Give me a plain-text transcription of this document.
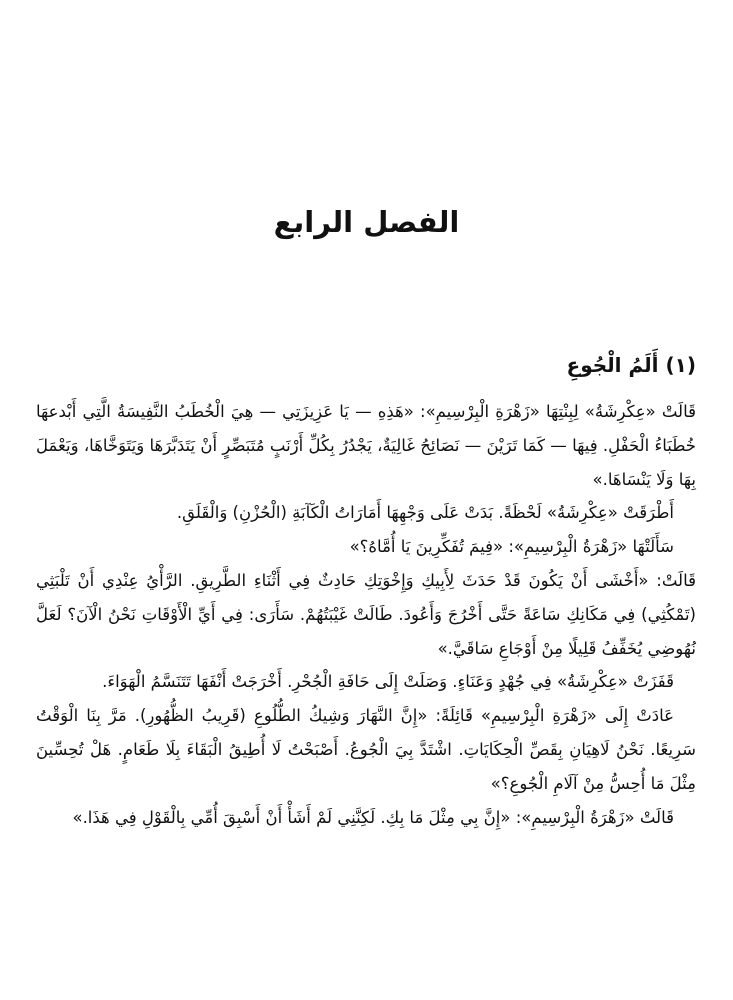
الفصل الرابع
(١) أَلَمُ الْجُوعِ

قَالَتْ «عِكْرِشَةُ» لِبِنْتِهَا «زَهْرَةِ الْبِرْسِيمِ»: «هَذِهِ — يَا عَزِيزَتِي — هِيَ الْخُطَبُ النَّفِيسَةُ الَّتِي أَبْدعهَا خُطَبَاءُ الْحَفْلِ. فِيهَا — كَمَا تَرَيْنَ — نَصَائِحُ غَالِيَةٌ، يَجْدُرُ بِكُلِّ أَرْنَبٍ مُتَبَصِّرٍ أَنْ يَتَدَبَّرَهَا وَيَتَوَخَّاهَا، وَيَعْمَلَ بِهَا وَلَا يَنْسَاهَا.»

أَطْرَقَتْ «عِكْرِشَةُ» لَحْظَةً. بَدَتْ عَلَى وَجْهِهَا أَمَارَاتُ الْكَآبَةِ (الْحُزْنِ) وَالْقَلَقِ.

سَأَلَتْهَا «زَهْرَةُ الْبِرْسِيمِ»: «فِيمَ تُفَكِّرِينَ يَا أُمَّاهُ؟»

قَالَتْ: «أَخْشَى أَنْ يَكُونَ قَدْ حَدَثَ لِأَبِيكِ وَإِخْوَتِكِ حَادِثٌ فِي أَثْنَاءِ الطَّرِيقِ. الرَّأْيُ عِنْدِي أَنْ تَلْبَثِي (تَمْكُثِي) فِي مَكَانِكِ سَاعَةً حَتَّى أَخْرُجَ وَأَعُودَ. طَالَتْ غَيْبَتُهُمْ. سَأَرَى: فِي أَيِّ الْأَوْقَاتِ نَحْنُ الْآنَ؟ لَعَلَّ نُهُوضِي يُخَفِّفُ قَلِيلًا مِنْ أَوْجَاعِ سَاقَيَّ.»

قَفَزَتْ «عِكْرِشَةُ» فِي جُهْدٍ وَعَنَاءٍ. وَصَلَتْ إِلَى حَافَةِ الْجُحْرِ. أَخْرَجَتْ أَنْفَهَا تَتَنَسَّمُ الْهَوَاءَ.

عَادَتْ إِلَى «زَهْرَةِ الْبِرْسِيمِ» قَائِلَةً: «إِنَّ النَّهَارَ وَشِيكُ الطُّلُوعِ (قَرِيبُ الظُّهُورِ). مَرَّ بِنَا الْوَقْتُ سَرِيعًا. نَحْنُ لَاهِيَانِ بِقَصِّ الْحِكَايَاتِ. اشْتَدَّ بِيَ الْجُوعُ. أَصْبَحْتُ لَا أُطِيقُ الْبَقَاءَ بِلَا طَعَامٍ. هَلْ تُحِسِّينَ مِثْلَ مَا أُحِسُّ مِنْ آلَامِ الْجُوعِ؟»

قَالَتْ «زَهْرَةُ الْبِرْسِيمِ»: «إِنَّ بِي مِثْلَ مَا بِكِ. لَكِنَّنِي لَمْ أَشَأْ أَنْ أَسْبِقَ أُمِّي بِالْقَوْلِ فِي هَذَا.»
